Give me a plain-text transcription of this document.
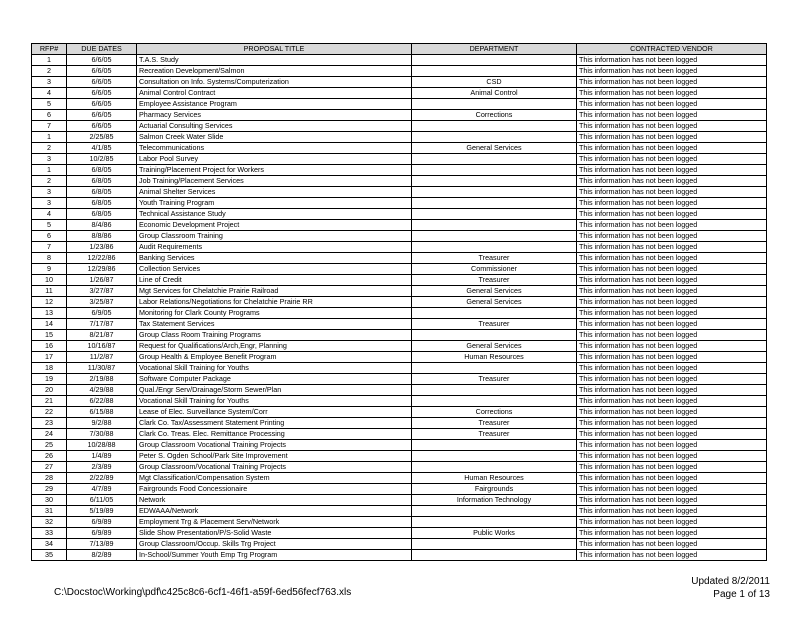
RFP#	DUE DATES	PROPOSAL TITLE	DEPARTMENT	CONTRACTED VENDOR
1	6/6/05	T.A.S. Study		This information has not been logged
2	6/6/05	Recreation Development/Salmon		This information has not been logged
3	6/6/05	Consultation on Info. Systems/Computerization	CSD	This information has not been logged
4	6/6/05	Animal Control Contract	Animal Control	This information has not been logged
5	6/6/05	Employee Assistance Program		This information has not been logged
6	6/6/05	Pharmacy Services	Corrections	This information has not been logged
7	6/6/05	Actuarial Consulting Services		This information has not been logged
1	2/25/85	Salmon Creek Water Slide		This information has not been logged
2	4/1/85	Telecommunications	General Services	This information has not been logged
3	10/2/85	Labor Pool Survey		This information has not been logged
1	6/8/05	Training/Placement Project for Workers		This information has not been logged
2	6/8/05	Job Training/Placement Services		This information has not been logged
3	6/8/05	Animal Shelter Services		This information has not been logged
3	6/8/05	Youth Training Program		This information has not been logged
4	6/8/05	Technical Assistance Study		This information has not been logged
5	8/4/86	Economic Development Project		This information has not been logged
6	8/8/86	Group Classroom Training		This information has not been logged
7	1/23/86	Audit Requirements		This information has not been logged
8	12/22/86	Banking Services	Treasurer	This information has not been logged
9	12/29/86	Collection Services	Commissioner	This information has not been logged
10	1/26/87	Line of Credit	Treasurer	This information has not been logged
11	3/27/87	Mgt Services for Chelatchie Prairie Railroad	General Services	This information has not been logged
12	3/25/87	Labor Relations/Negotiations for Chelatchie Prairie RR	General Services	This information has not been logged
13	6/9/05	Monitoring for Clark County Programs		This information has not been logged
14	7/17/87	Tax Statement Services	Treasurer	This information has not been logged
15	8/21/87	Group Class Room Training Programs		This information has not been logged
16	10/16/87	Request for Qualifications/Arch,Engr, Planning	General Services	This information has not been logged
17	11/2/87	Group Health & Employee Benefit Program	Human Resources	This information has not been logged
18	11/30/87	Vocational Skill Training for Youths		This information has not been logged
19	2/19/88	Software Computer Package	Treasurer	This information has not been logged
20	4/29/88	Qual./Engr Serv/Drainage/Storm Sewer/Plan		This information has not been logged
21	6/22/88	Vocational Skill Training for Youths		This information has not been logged
22	6/15/88	Lease of Elec. Surveillance System/Corr	Corrections	This information has not been logged
23	9/2/88	Clark Co. Tax/Assessment Statement Printing	Treasurer	This information has not been logged
24	7/30/88	Clark Co. Treas. Elec. Remittance Processing	Treasurer	This information has not been logged
25	10/28/88	Group Classroom Vocational Training Projects		This information has not been logged
26	1/4/89	Peter S. Ogden School/Park Site Improvement		This information has not been logged
27	2/3/89	Group Classroom/Vocational Training Projects		This information has not been logged
28	2/22/89	Mgt Classification/Compensation System	Human Resources	This information has not been logged
29	4/7/89	Fairgrounds Food Concessionaire	Fairgrounds	This information has not been logged
30	6/11/05	Network	Information Technology	This information has not been logged
31	5/19/89	EDWAAA/Network		This information has not been logged
32	6/9/89	Employment Trg & Placement Serv/Network		This information has not been logged
33	6/9/89	Slide Show Presentation/P/S-Solid Waste	Public Works	This information has not been logged
34	7/13/89	Group Classroom/Occup. Skills Trg Project		This information has not been logged
35	8/2/89	In-School/Summer Youth Emp Trg Program		This information has not been logged
C:\Docstoc\Working\pdf\c425c8c6-6cf1-46f1-a59f-6ed56fecf763.xls
Updated 8/2/2011
Page 1 of 13
